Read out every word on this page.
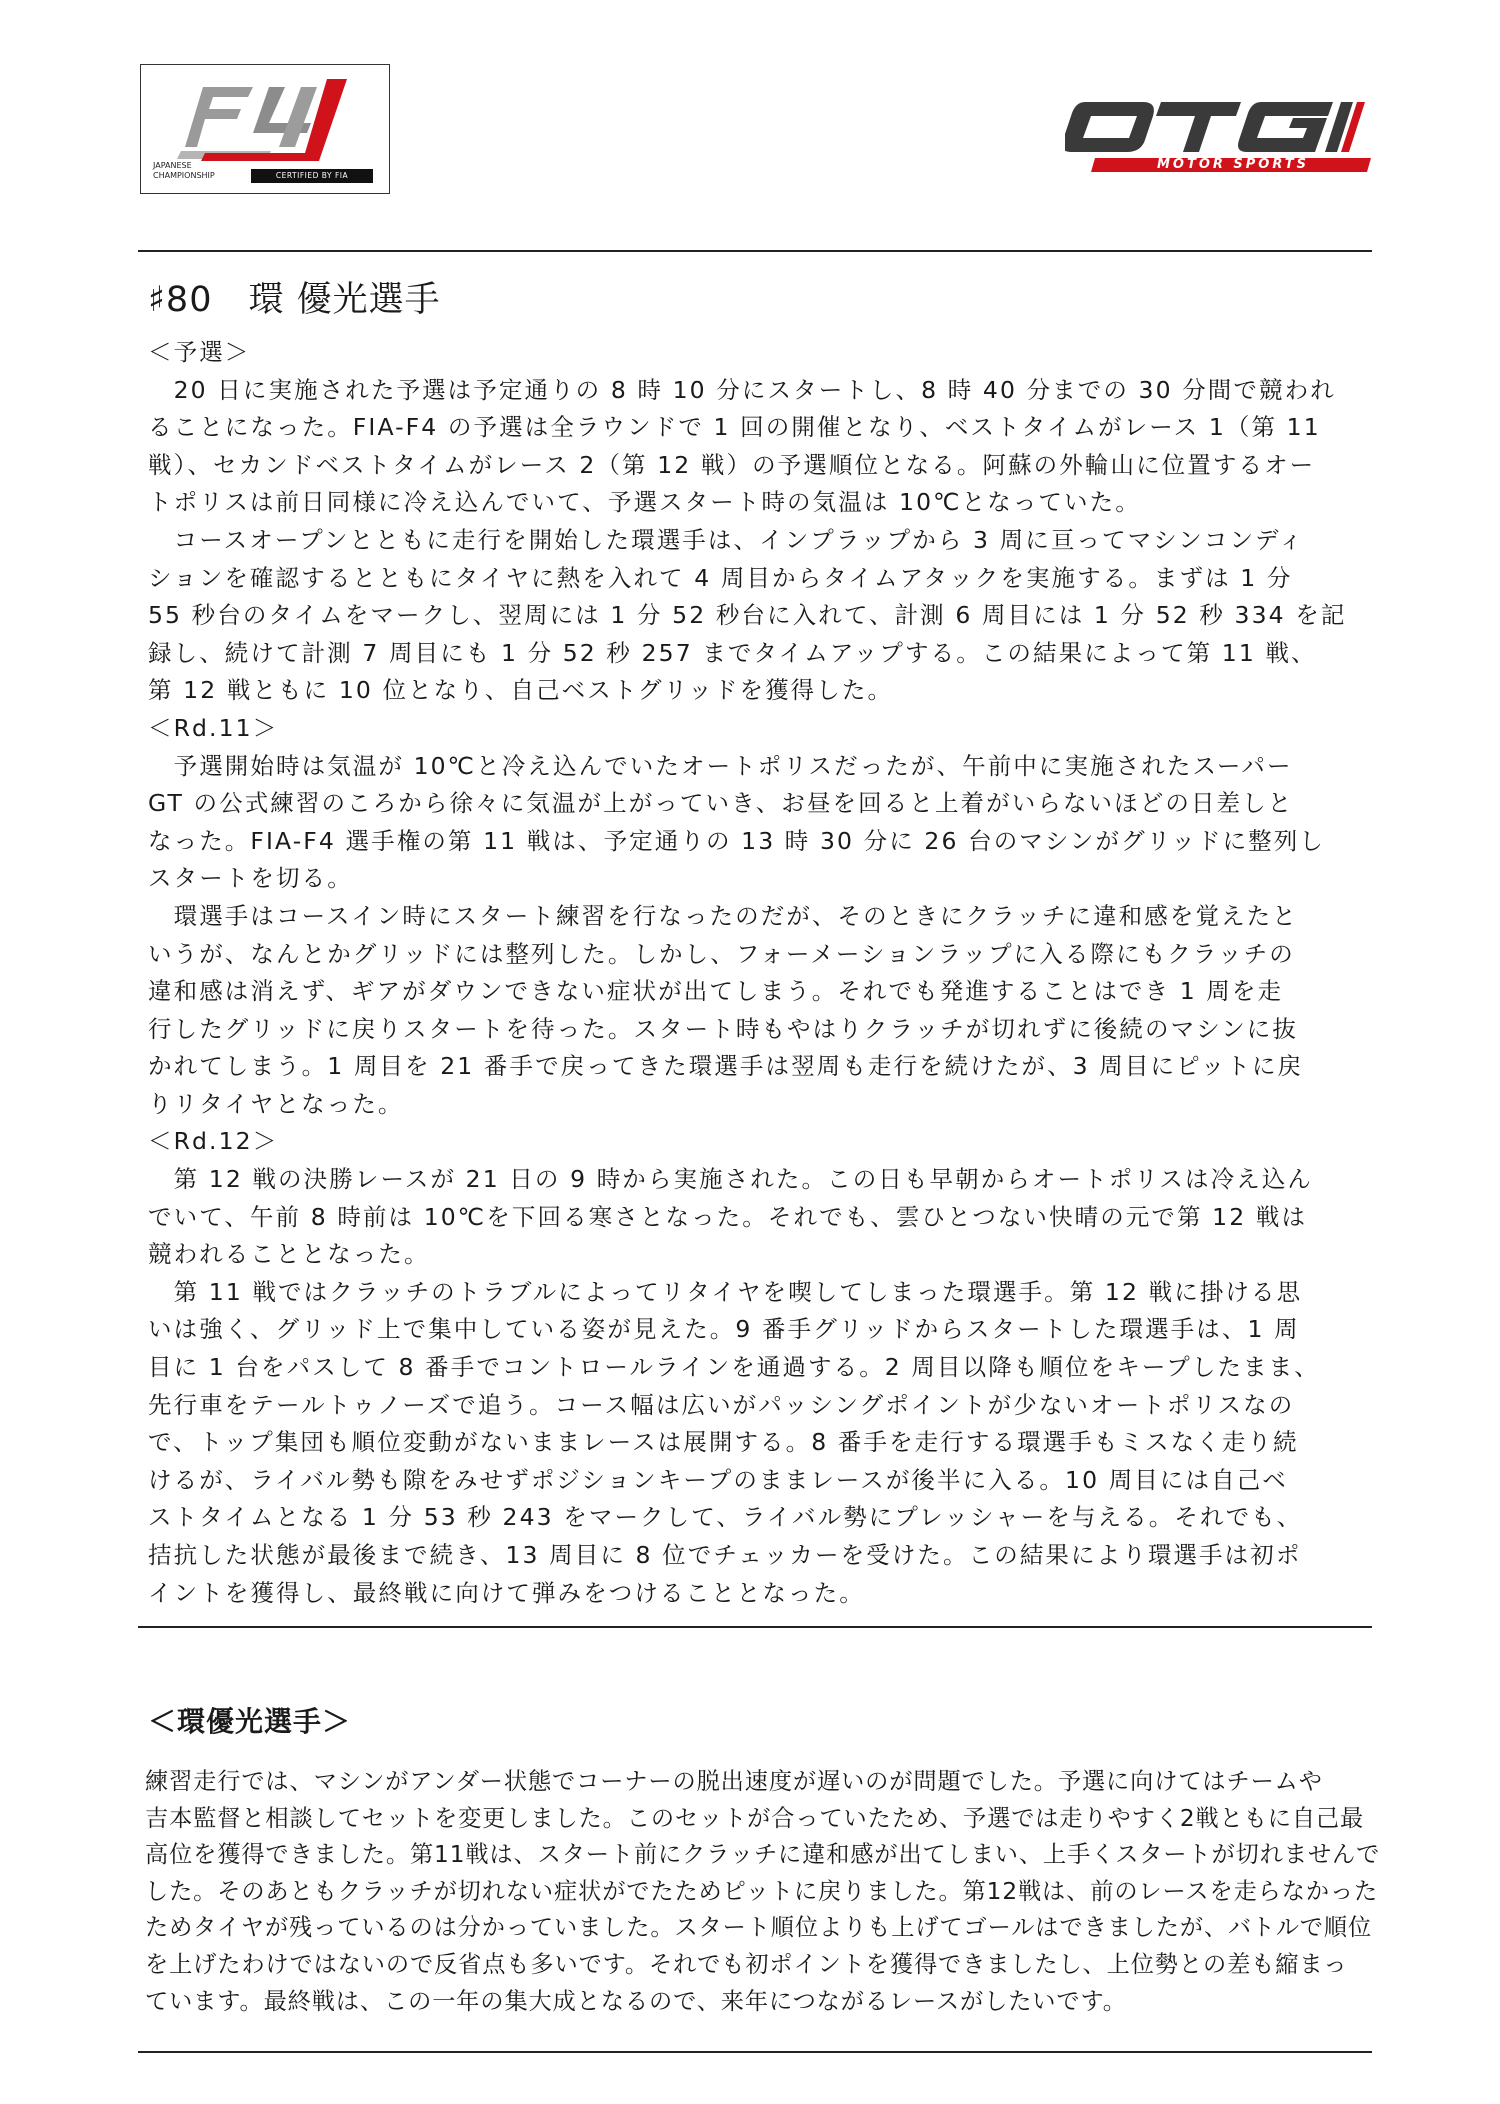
JAPANESE
CHAMPIONSHIP	CERTIFIED BY FIA
MOTOR SPORTS
♯80　環 優光選手
＜予選＞
　20 日に実施された予選は予定通りの 8 時 10 分にスタートし、8 時 40 分までの 30 分間で競われ
ることになった。FIA-F4 の予選は全ラウンドで 1 回の開催となり、ベストタイムがレース 1（第 11
戦）、セカンドベストタイムがレース 2（第 12 戦）の予選順位となる。阿蘇の外輪山に位置するオー
トポリスは前日同様に冷え込んでいて、予選スタート時の気温は 10℃となっていた。
　コースオープンとともに走行を開始した環選手は、インプラップから 3 周に亘ってマシンコンディ
ションを確認するとともにタイヤに熱を入れて 4 周目からタイムアタックを実施する。まずは 1 分
55 秒台のタイムをマークし、翌周には 1 分 52 秒台に入れて、計測 6 周目には 1 分 52 秒 334 を記
録し、続けて計測 7 周目にも 1 分 52 秒 257 までタイムアップする。この結果によって第 11 戦、
第 12 戦ともに 10 位となり、自己ベストグリッドを獲得した。
＜Rd.11＞
　予選開始時は気温が 10℃と冷え込んでいたオートポリスだったが、午前中に実施されたスーパー
GT の公式練習のころから徐々に気温が上がっていき、お昼を回ると上着がいらないほどの日差しと
なった。FIA-F4 選手権の第 11 戦は、予定通りの 13 時 30 分に 26 台のマシンがグリッドに整列し
スタートを切る。
　環選手はコースイン時にスタート練習を行なったのだが、そのときにクラッチに違和感を覚えたと
いうが、なんとかグリッドには整列した。しかし、フォーメーションラップに入る際にもクラッチの
違和感は消えず、ギアがダウンできない症状が出てしまう。それでも発進することはでき 1 周を走
行したグリッドに戻りスタートを待った。スタート時もやはりクラッチが切れずに後続のマシンに抜
かれてしまう。1 周目を 21 番手で戻ってきた環選手は翌周も走行を続けたが、3 周目にピットに戻
りリタイヤとなった。
＜Rd.12＞
　第 12 戦の決勝レースが 21 日の 9 時から実施された。この日も早朝からオートポリスは冷え込ん
でいて、午前 8 時前は 10℃を下回る寒さとなった。それでも、雲ひとつない快晴の元で第 12 戦は
競われることとなった。
　第 11 戦ではクラッチのトラブルによってリタイヤを喫してしまった環選手。第 12 戦に掛ける思
いは強く、グリッド上で集中している姿が見えた。9 番手グリッドからスタートした環選手は、1 周
目に 1 台をパスして 8 番手でコントロールラインを通過する。2 周目以降も順位をキープしたまま、
先行車をテールトゥノーズで追う。コース幅は広いがパッシングポイントが少ないオートポリスなの
で、トップ集団も順位変動がないままレースは展開する。8 番手を走行する環選手もミスなく走り続
けるが、ライバル勢も隙をみせずポジションキープのままレースが後半に入る。10 周目には自己ベ
ストタイムとなる 1 分 53 秒 243 をマークして、ライバル勢にプレッシャーを与える。それでも、
拮抗した状態が最後まで続き、13 周目に 8 位でチェッカーを受けた。この結果により環選手は初ポ
イントを獲得し、最終戦に向けて弾みをつけることとなった。
＜環優光選手＞
練習走行では、マシンがアンダー状態でコーナーの脱出速度が遅いのが問題でした。予選に向けてはチームや
吉本監督と相談してセットを変更しました。このセットが合っていたため、予選では走りやすく2戦ともに自己最
高位を獲得できました。第11戦は、スタート前にクラッチに違和感が出てしまい、上手くスタートが切れませんで
した。そのあともクラッチが切れない症状がでたためピットに戻りました。第12戦は、前のレースを走らなかった
ためタイヤが残っているのは分かっていました。スタート順位よりも上げてゴールはできましたが、バトルで順位
を上げたわけではないので反省点も多いです。それでも初ポイントを獲得できましたし、上位勢との差も縮まっ
ています。最終戦は、この一年の集大成となるので、来年につながるレースがしたいです。
